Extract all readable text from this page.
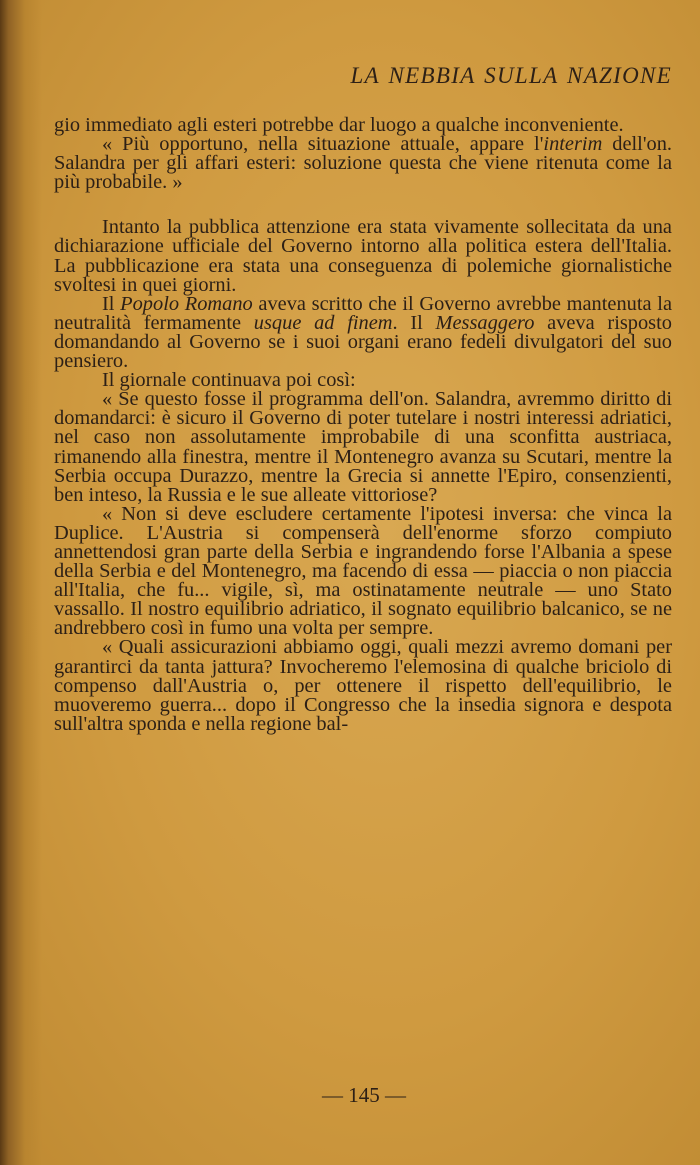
LA NEBBIA SULLA NAZIONE

gio immediato agli esteri potrebbe dar luogo a qualche inconveniente.

« Più opportuno, nella situazione attuale, appare l'interim dell'on. Salandra per gli affari esteri: soluzione questa che viene ritenuta come la più probabile. »

Intanto la pubblica attenzione era stata vivamente sollecitata da una dichiarazione ufficiale del Governo intorno alla politica estera dell'Italia. La pubblicazione era stata una conseguenza di polemiche giornalistiche svoltesi in quei giorni.

Il Popolo Romano aveva scritto che il Governo avrebbe mantenuta la neutralità fermamente usque ad finem. Il Messaggero aveva risposto domandando al Governo se i suoi organi erano fedeli divulgatori del suo pensiero.

Il giornale continuava poi così:

« Se questo fosse il programma dell'on. Salandra, avremmo diritto di domandarci: è sicuro il Governo di poter tutelare i nostri interessi adriatici, nel caso non assolutamente improbabile di una sconfitta austriaca, rimanendo alla finestra, mentre il Montenegro avanza su Scutari, mentre la Serbia occupa Durazzo, mentre la Grecia si annette l'Epiro, consenzienti, ben inteso, la Russia e le sue alleate vittoriose?

« Non si deve escludere certamente l'ipotesi inversa: che vinca la Duplice. L'Austria si compenserà dell'enorme sforzo compiuto annettendosi gran parte della Serbia e ingrandendo forse l'Albania a spese della Serbia e del Montenegro, ma facendo di essa — piaccia o non piaccia all'Italia, che fu... vigile, sì, ma ostinatamente neutrale — uno Stato vassallo. Il nostro equilibrio adriatico, il sognato equilibrio balcanico, se ne andrebbero così in fumo una volta per sempre.

« Quali assicurazioni abbiamo oggi, quali mezzi avremo domani per garantirci da tanta jattura? Invocheremo l'elemosina di qualche briciolo di compenso dall'Austria o, per ottenere il rispetto dell'equilibrio, le muoveremo guerra... dopo il Congresso che la insedia signora e despota sull'altra sponda e nella regione bal-

— 145 —
